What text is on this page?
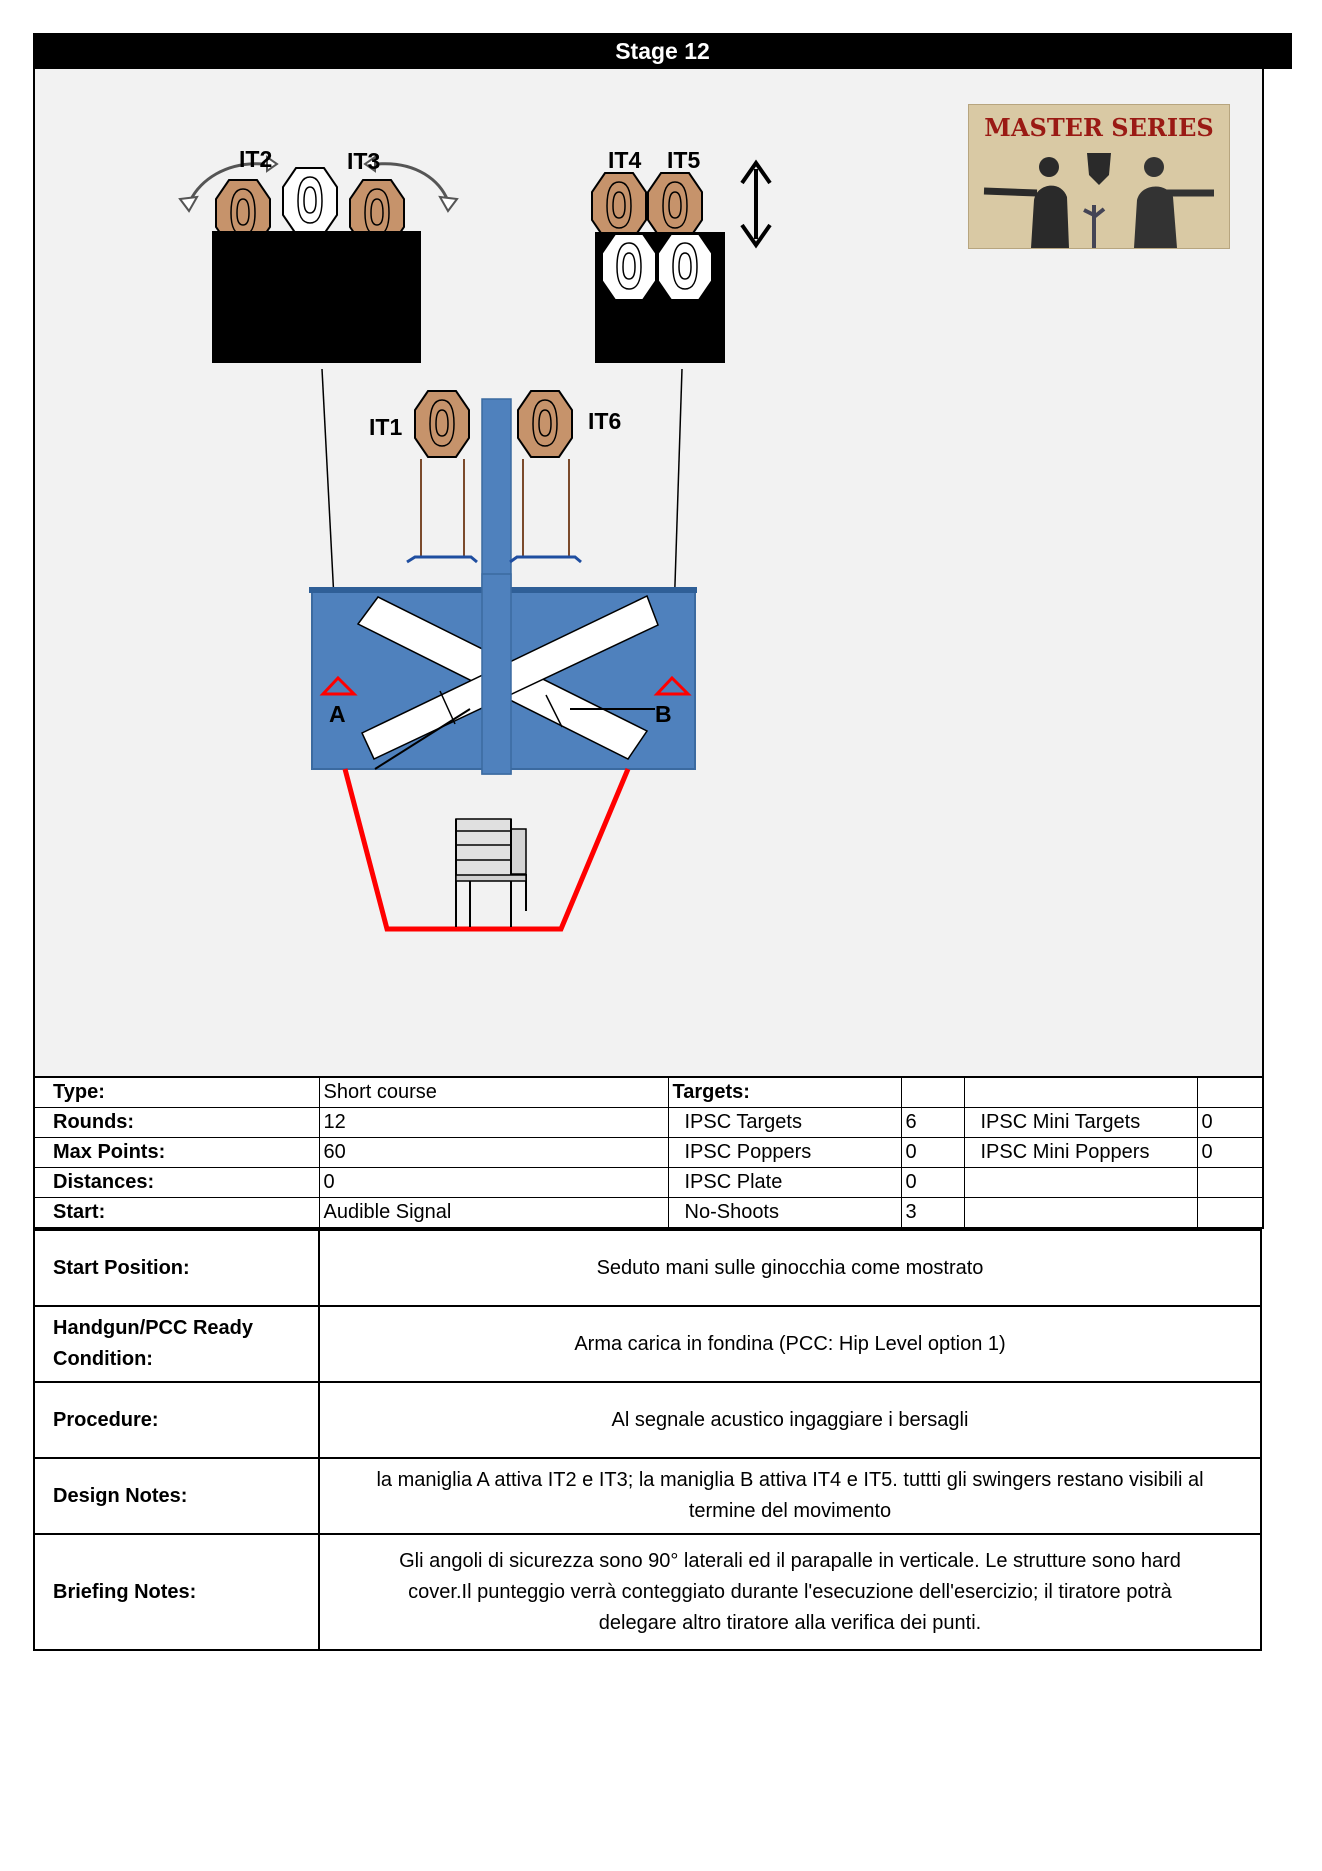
Stage 12
IT2	IT3	IT4 IT5
IT1	IT6
A	B
MASTER SERIES
Type:	Short course	Targets:			
Rounds:	12	IPSC Targets	6	IPSC Mini Targets	0
Max Points:	60	IPSC Poppers	0	IPSC Mini Poppers	0
Distances:	0	IPSC Plate	0		
Start:	Audible Signal	No-Shoots	3		
Start Position:	Seduto mani sulle ginocchia come mostrato

Handgun/PCC Ready
Condition:	Arma carica in fondina (PCC: Hip Level option 1)
Procedure:	Al segnale acustico ingaggiare i bersagli
Design Notes:	la maniglia A attiva IT2 e IT3; la maniglia B attiva IT4 e IT5. tuttti gli swingers restano visibili al
termine del movimento

Briefing Notes:	Gli angoli di sicurezza sono 90° laterali ed il parapalle in verticale. Le strutture sono hard
cover.Il punteggio verrà conteggiato durante l'esecuzione dell'esercizio; il tiratore potrà
delegare altro tiratore alla verifica dei punti.
